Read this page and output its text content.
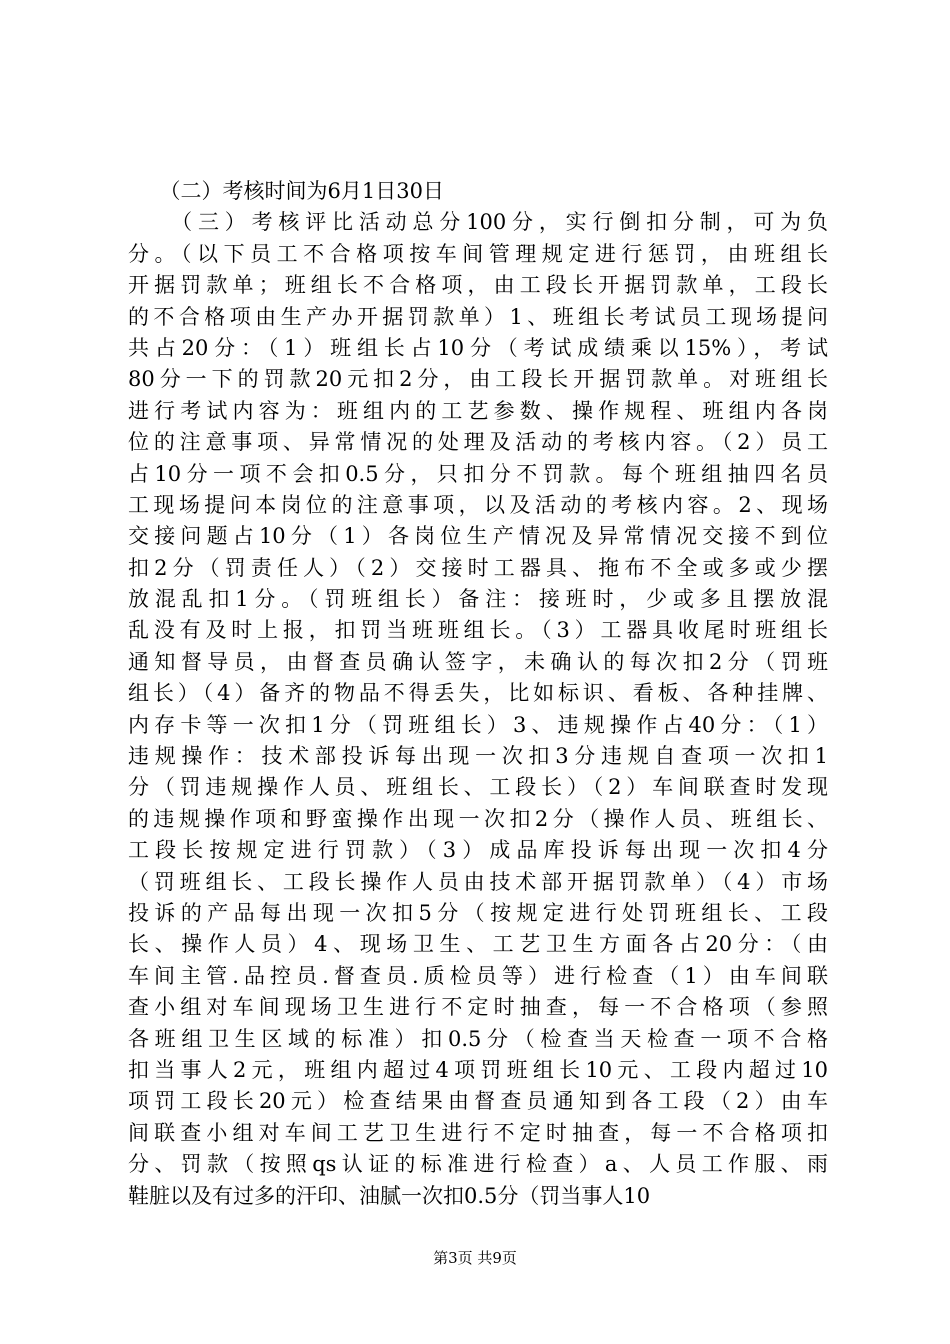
　　（二）考核时间为6月1日30日
　　（三）考核评比活动总分100分，实行倒扣分制，可为负
分。（以下员工不合格项按车间管理规定进行惩罚，由班组长
开据罚款单；班组长不合格项，由工段长开据罚款单，工段长
的不合格项由生产办开据罚款单）1、班组长考试员工现场提问
共占20分：（1）班组长占10分（考试成绩乘以15%），考试
80分一下的罚款20元扣2分，由工段长开据罚款单。对班组长
进行考试内容为：班组内的工艺参数、操作规程、班组内各岗
位的注意事项、异常情况的处理及活动的考核内容。（2）员工
占10分一项不会扣0.5分，只扣分不罚款。每个班组抽四名员
工现场提问本岗位的注意事项，以及活动的考核内容。2、现场
交接问题占10分（1）各岗位生产情况及异常情况交接不到位
扣2分（罚责任人）（2）交接时工器具、拖布不全或多或少摆
放混乱扣1分。（罚班组长）备注：接班时，少或多且摆放混
乱没有及时上报，扣罚当班班组长。（3）工器具收尾时班组长
通知督导员，由督查员确认签字，未确认的每次扣2分（罚班
组长）（4）备齐的物品不得丢失，比如标识、看板、各种挂牌、
内存卡等一次扣1分（罚班组长）3、违规操作占40分：（1）
违规操作：技术部投诉每出现一次扣3分违规自查项一次扣1
分（罚违规操作人员、班组长、工段长）（2）车间联查时发现
的违规操作项和野蛮操作出现一次扣2分（操作人员、班组长、
工段长按规定进行罚款）（3）成品库投诉每出现一次扣4分
（罚班组长、工段长操作人员由技术部开据罚款单）（4）市场
投诉的产品每出现一次扣5分（按规定进行处罚班组长、工段
长、操作人员）4、现场卫生、工艺卫生方面各占20分：（由
车间主管.品控员.督查员.质检员等）进行检查（1）由车间联
查小组对车间现场卫生进行不定时抽查，每一不合格项（参照
各班组卫生区域的标准）扣0.5分（检查当天检查一项不合格
扣当事人2元，班组内超过4项罚班组长10元、工段内超过10
项罚工段长20元）检查结果由督查员通知到各工段（2）由车
间联查小组对车间工艺卫生进行不定时抽查，每一不合格项扣
分、罚款（按照qs认证的标准进行检查）a、人员工作服、雨
鞋脏以及有过多的汗印、油腻一次扣0.5分（罚当事人10
第3页 共9页
